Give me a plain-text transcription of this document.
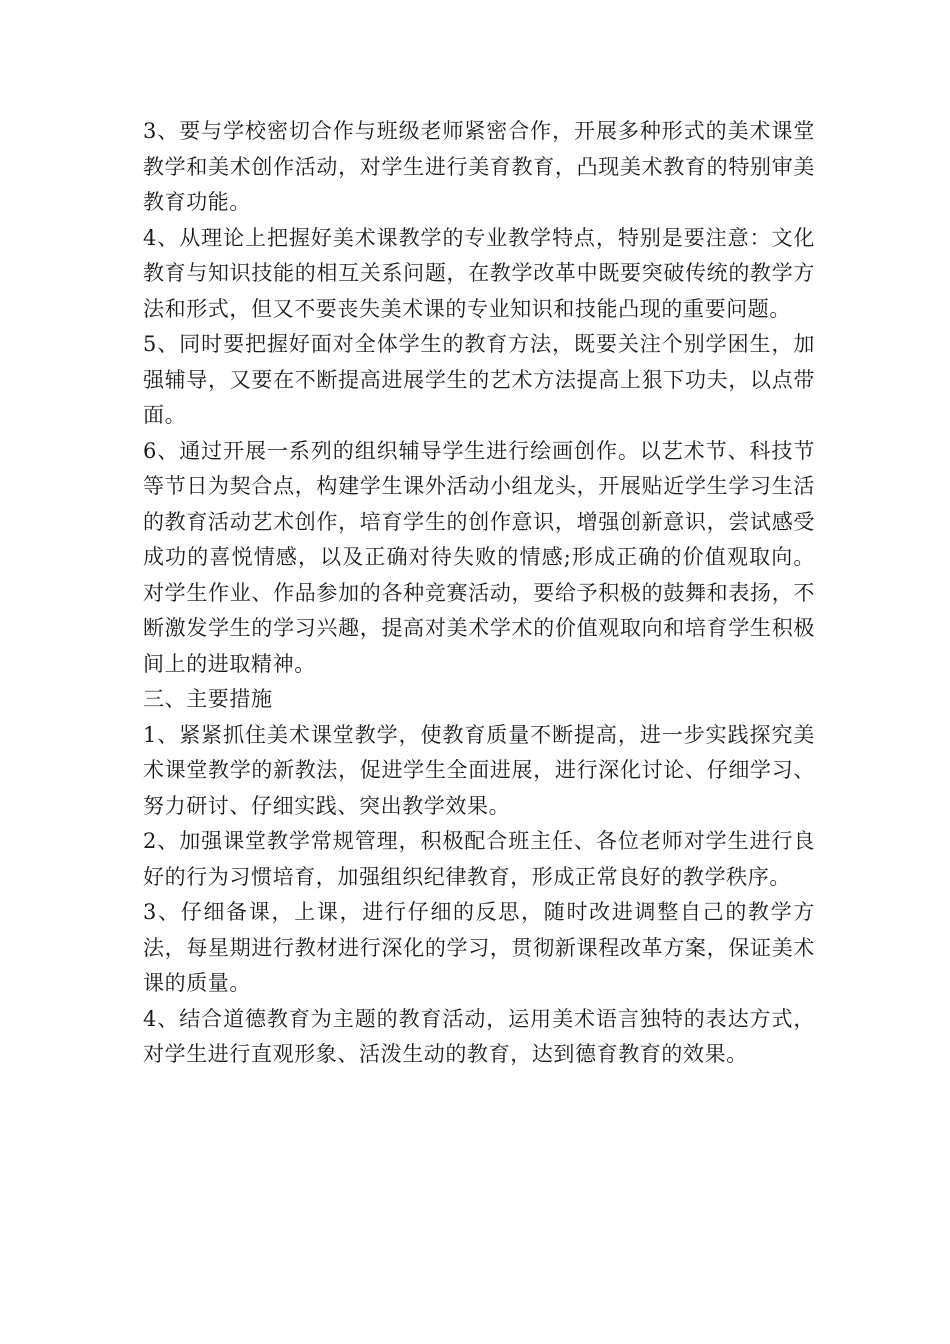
3、要与学校密切合作与班级老师紧密合作，开展多种形式的美术课堂教学和美术创作活动，对学生进行美育教育，凸现美术教育的特别审美教育功能。

4、从理论上把握好美术课教学的专业教学特点，特别是要注意：文化教育与知识技能的相互关系问题，在教学改革中既要突破传统的教学方法和形式，但又不要丧失美术课的专业知识和技能凸现的重要问题。

5、同时要把握好面对全体学生的教育方法，既要关注个别学困生，加强辅导，又要在不断提高进展学生的艺术方法提高上狠下功夫，以点带面。

6、通过开展一系列的组织辅导学生进行绘画创作。以艺术节、科技节等节日为契合点，构建学生课外活动小组龙头，开展贴近学生学习生活的教育活动艺术创作，培育学生的创作意识，增强创新意识，尝试感受成功的喜悦情感，以及正确对待失败的情感;形成正确的价值观取向。对学生作业、作品参加的各种竞赛活动，要给予积极的鼓舞和表扬，不断激发学生的学习兴趣，提高对美术学术的价值观取向和培育学生积极间上的进取精神。

三、主要措施

1、紧紧抓住美术课堂教学，使教育质量不断提高，进一步实践探究美术课堂教学的新教法，促进学生全面进展，进行深化讨论、仔细学习、努力研讨、仔细实践、突出教学效果。

2、加强课堂教学常规管理，积极配合班主任、各位老师对学生进行良好的行为习惯培育，加强组织纪律教育，形成正常良好的教学秩序。

3、仔细备课，上课，进行仔细的反思，随时改进调整自己的教学方法，每星期进行教材进行深化的学习，贯彻新课程改革方案，保证美术课的质量。

4、结合道德教育为主题的教育活动，运用美术语言独特的表达方式，对学生进行直观形象、活泼生动的教育，达到德育教育的效果。
